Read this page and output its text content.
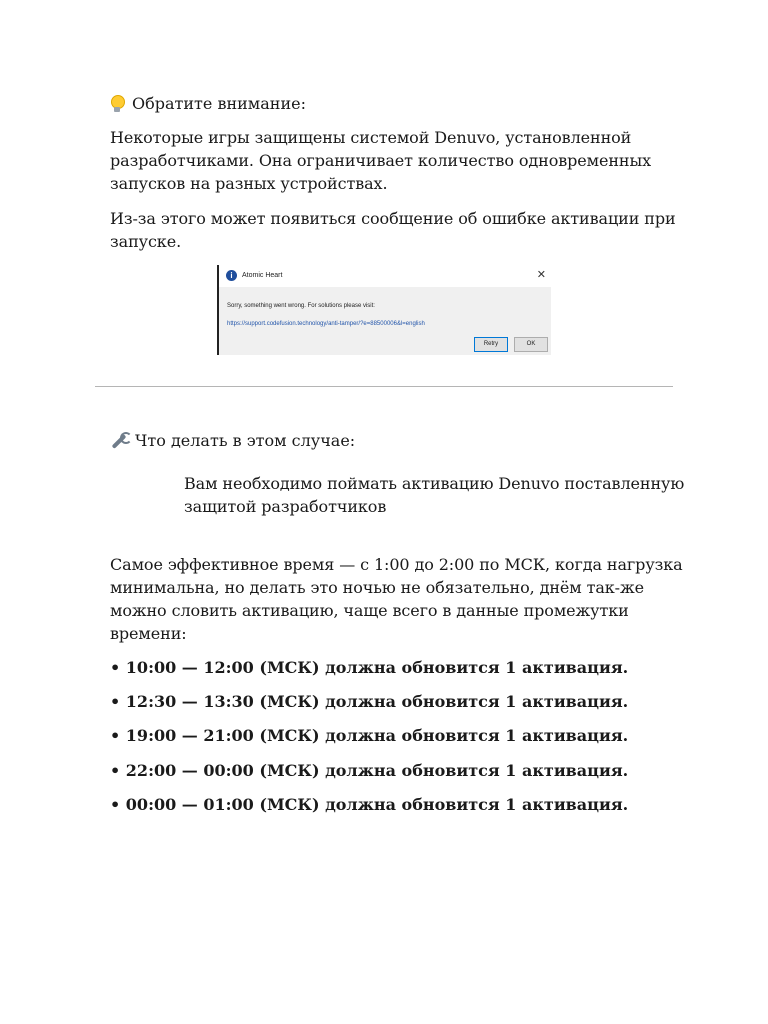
Обратите внимание:
Некоторые игры защищены системой Denuvo, установленной
разработчиками. Она ограничивает количество одновременных
запусков на разных устройствах.
Из-за этого может появиться сообщение об ошибке активации при
запуске.
i	Atomic Heart	✕
Sorry, something went wrong. For solutions please visit:
https://support.codefusion.technology/anti-tamper/?e=88500006&l=english
Retry	OK
Что делать в этом случае:
Вам необходимо поймать активацию Denuvo поставленную
защитой разработчиков
Самое эффективное время — с 1:00 до 2:00 по МСК, когда нагрузка
минимальна, но делать это ночью не обязательно, днём так-же
можно словить активацию, чаще всего в данные промежутки
времени:
• 10:00 — 12:00 (МСК) должна обновится 1 активация.
• 12:30 — 13:30 (МСК) должна обновится 1 активация.
• 19:00 — 21:00 (МСК) должна обновится 1 активация.
• 22:00 — 00:00 (МСК) должна обновится 1 активация.
• 00:00 — 01:00 (МСК) должна обновится 1 активация.
